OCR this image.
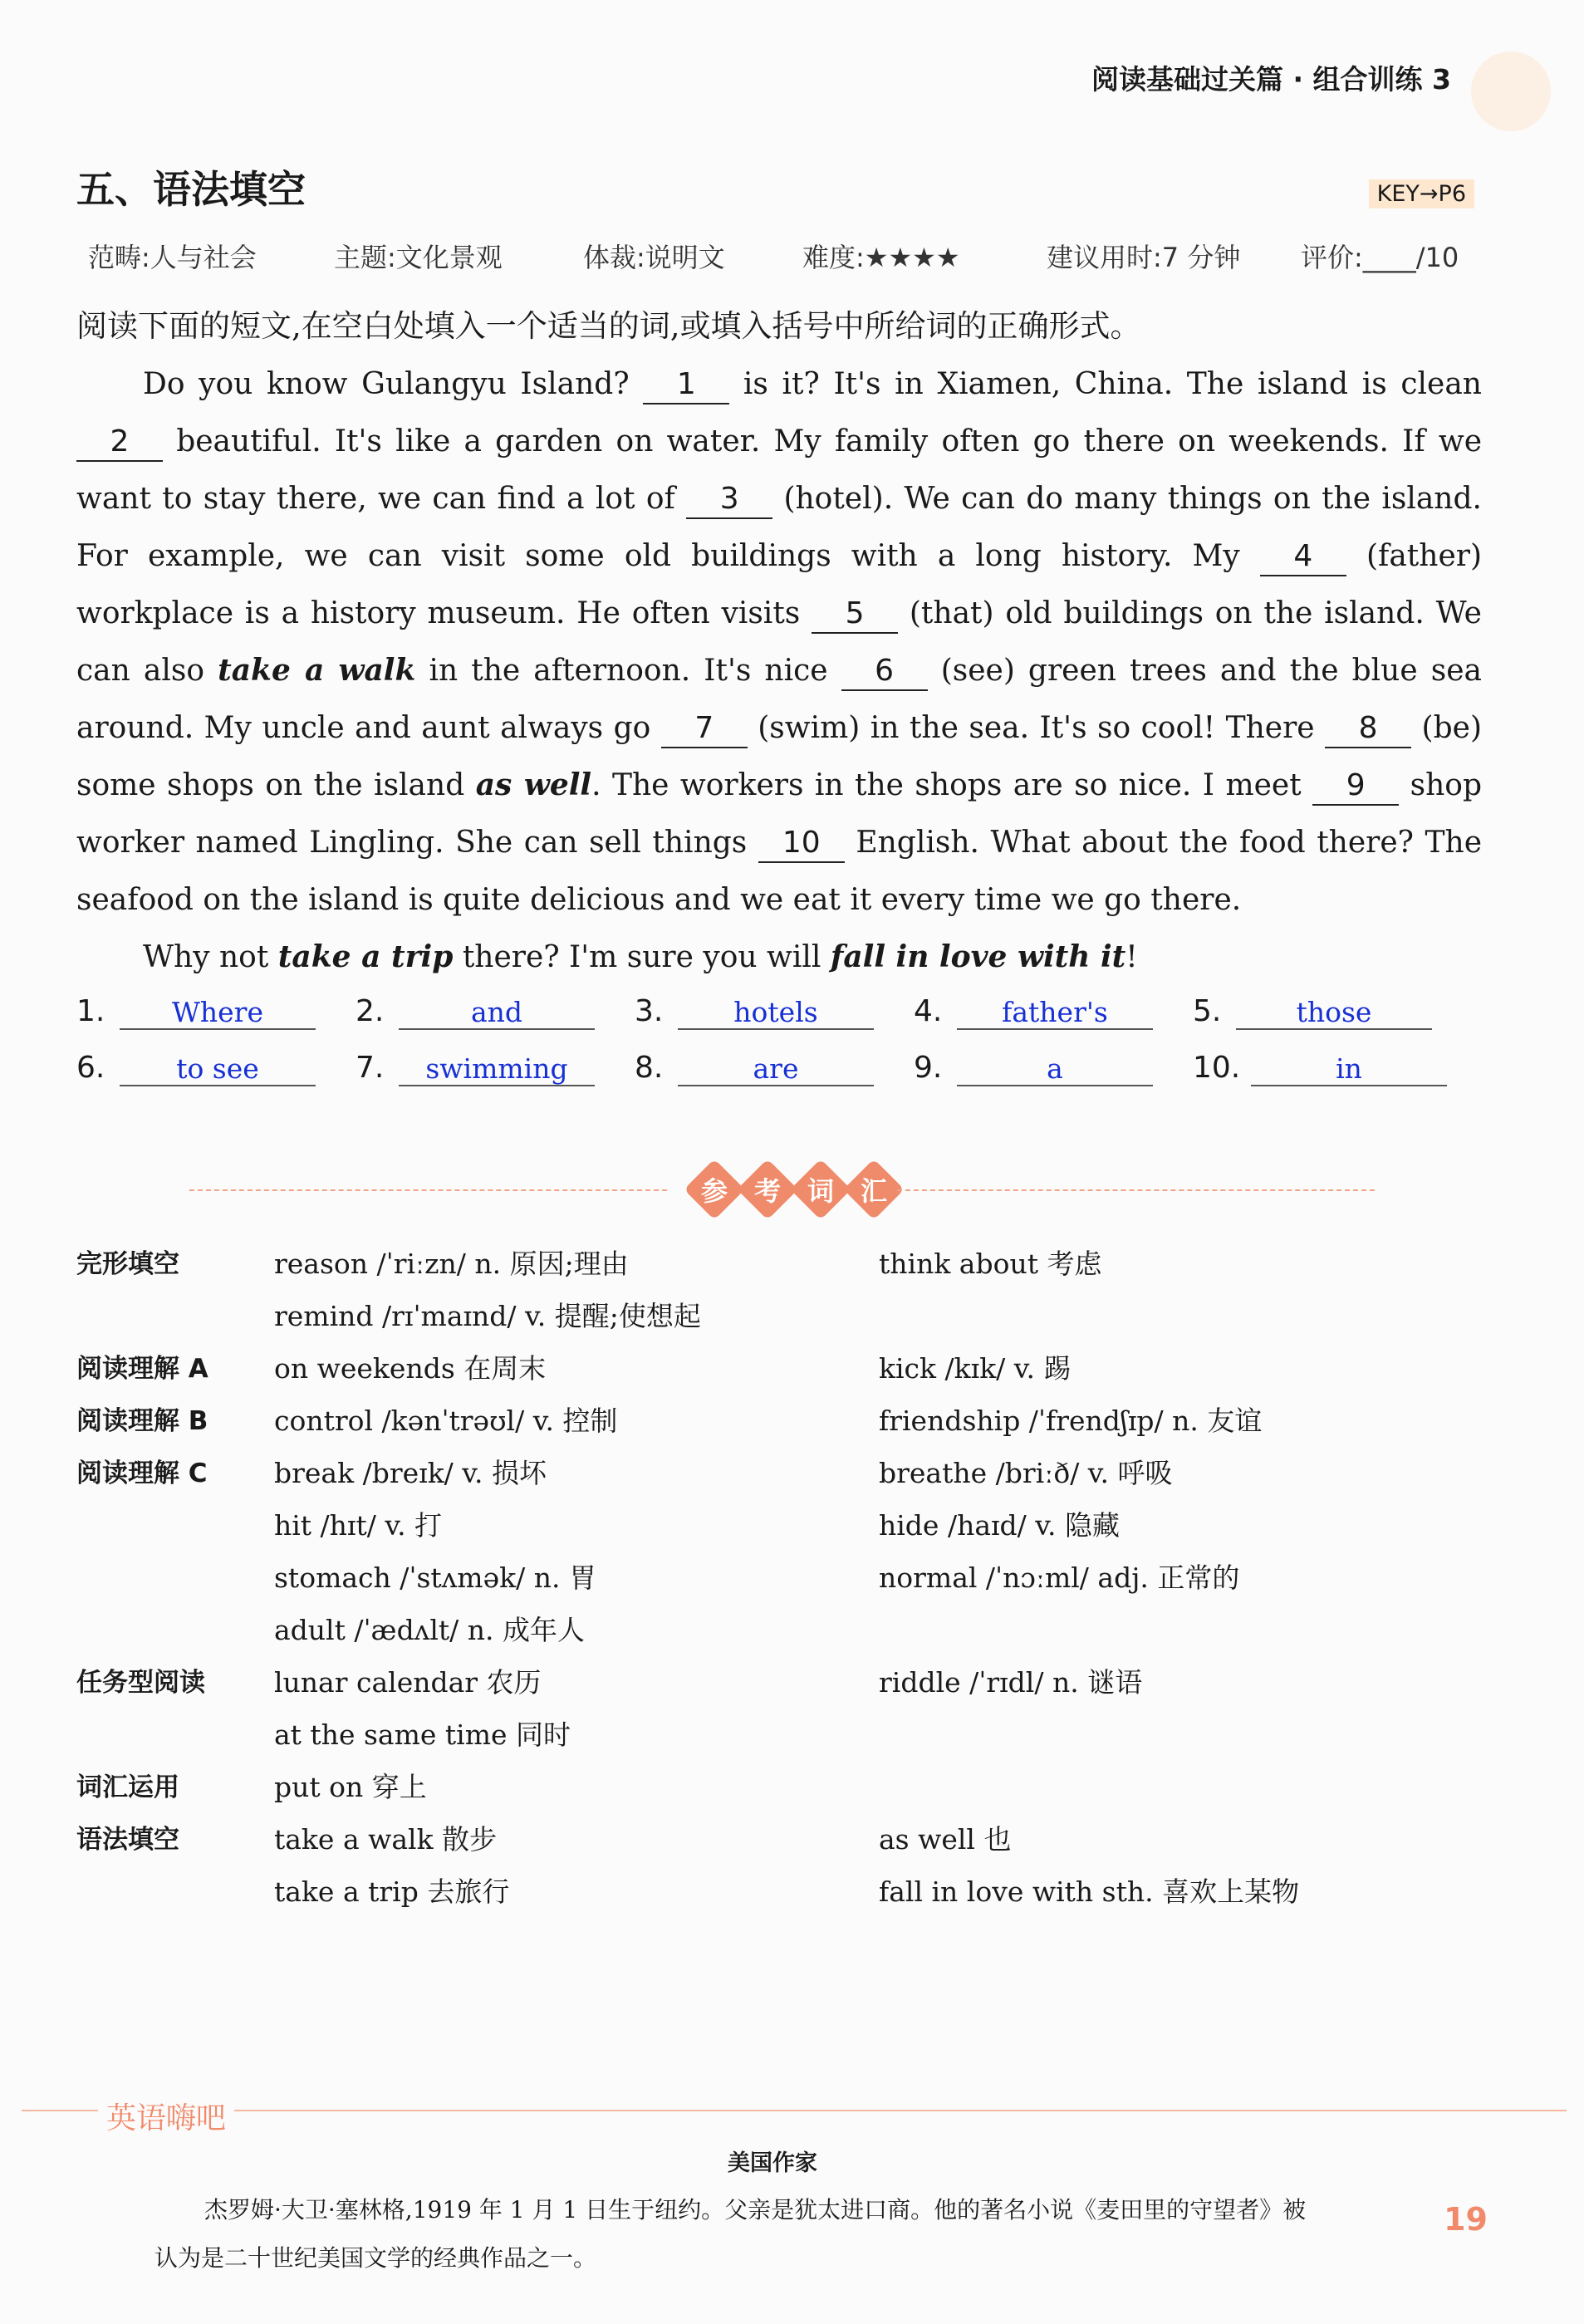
阅读基础过关篇 · 组合训练 3
五、语法填空	KEY→P6
范畴:人与社会	主题:文化景观	体裁:说明文	难度:★★★★	建议用时:7 分钟 评价:____/10
阅读下面的短文,在空白处填入一个适当的词,或填入括号中所给词的正确形式。

Do you know Gulangyu Island? 1 is it? It's in Xiamen, China. The island is clean 2 beautiful. It's like a garden on water. My family often go there on weekends. If we want to stay there, we can find a lot of 3 (hotel). We can do many things on the island. For example, we can visit some old buildings with a long history. My 4 (father) workplace is a history museum. He often visits 5 (that) old buildings on the island. We can also take a walk in the afternoon. It's nice 6 (see) green trees and the blue sea around. My uncle and aunt always go 7 (swim) in the sea. It's so cool! There 8 (be) some shops on the island as well. The workers in the shops are so nice. I meet 9 shop worker named Lingling. She can sell things 10 English. What about the food there? The seafood on the island is quite delicious and we eat it every time we go there.

Why not take a trip there? I'm sure you will fall in love with it!

1.	Where	2.	and	3.	hotels	4.	father's	5.	those
6.	to see	7.	swimming	8.	are	9.	a	10.	in
参 考 词 汇
完形填空	reason /ˈriːzn/ n. 原因;理由	think about 考虑
remind /rɪˈmaɪnd/ v. 提醒;使想起
阅读理解 A on weekends 在周末	kick /kɪk/ v. 踢
阅读理解 B control /kənˈtrəʊl/ v. 控制	friendship /ˈfrendʃɪp/ n. 友谊
阅读理解 C break /breɪk/ v. 损坏	breathe /briːð/ v. 呼吸
hit /hɪt/ v. 打	hide /haɪd/ v. 隐藏
stomach /ˈstʌmək/ n. 胃	normal /ˈnɔːml/ adj. 正常的
adult /ˈædʌlt/ n. 成年人
任务型阅读	lunar calendar 农历	riddle /ˈrɪdl/ n. 谜语
at the same time 同时
词汇运用	put on 穿上
语法填空	take a walk 散步	as well 也
take a trip 去旅行	fall in love with sth. 喜欢上某物
英语嗨吧
美国作家

杰罗姆·大卫·塞林格,1919 年 1 月 1 日生于纽约。父亲是犹太进口商。他的著名小说《麦田里的守望者》被

认为是二十世纪美国文学的经典作品之一。

19
